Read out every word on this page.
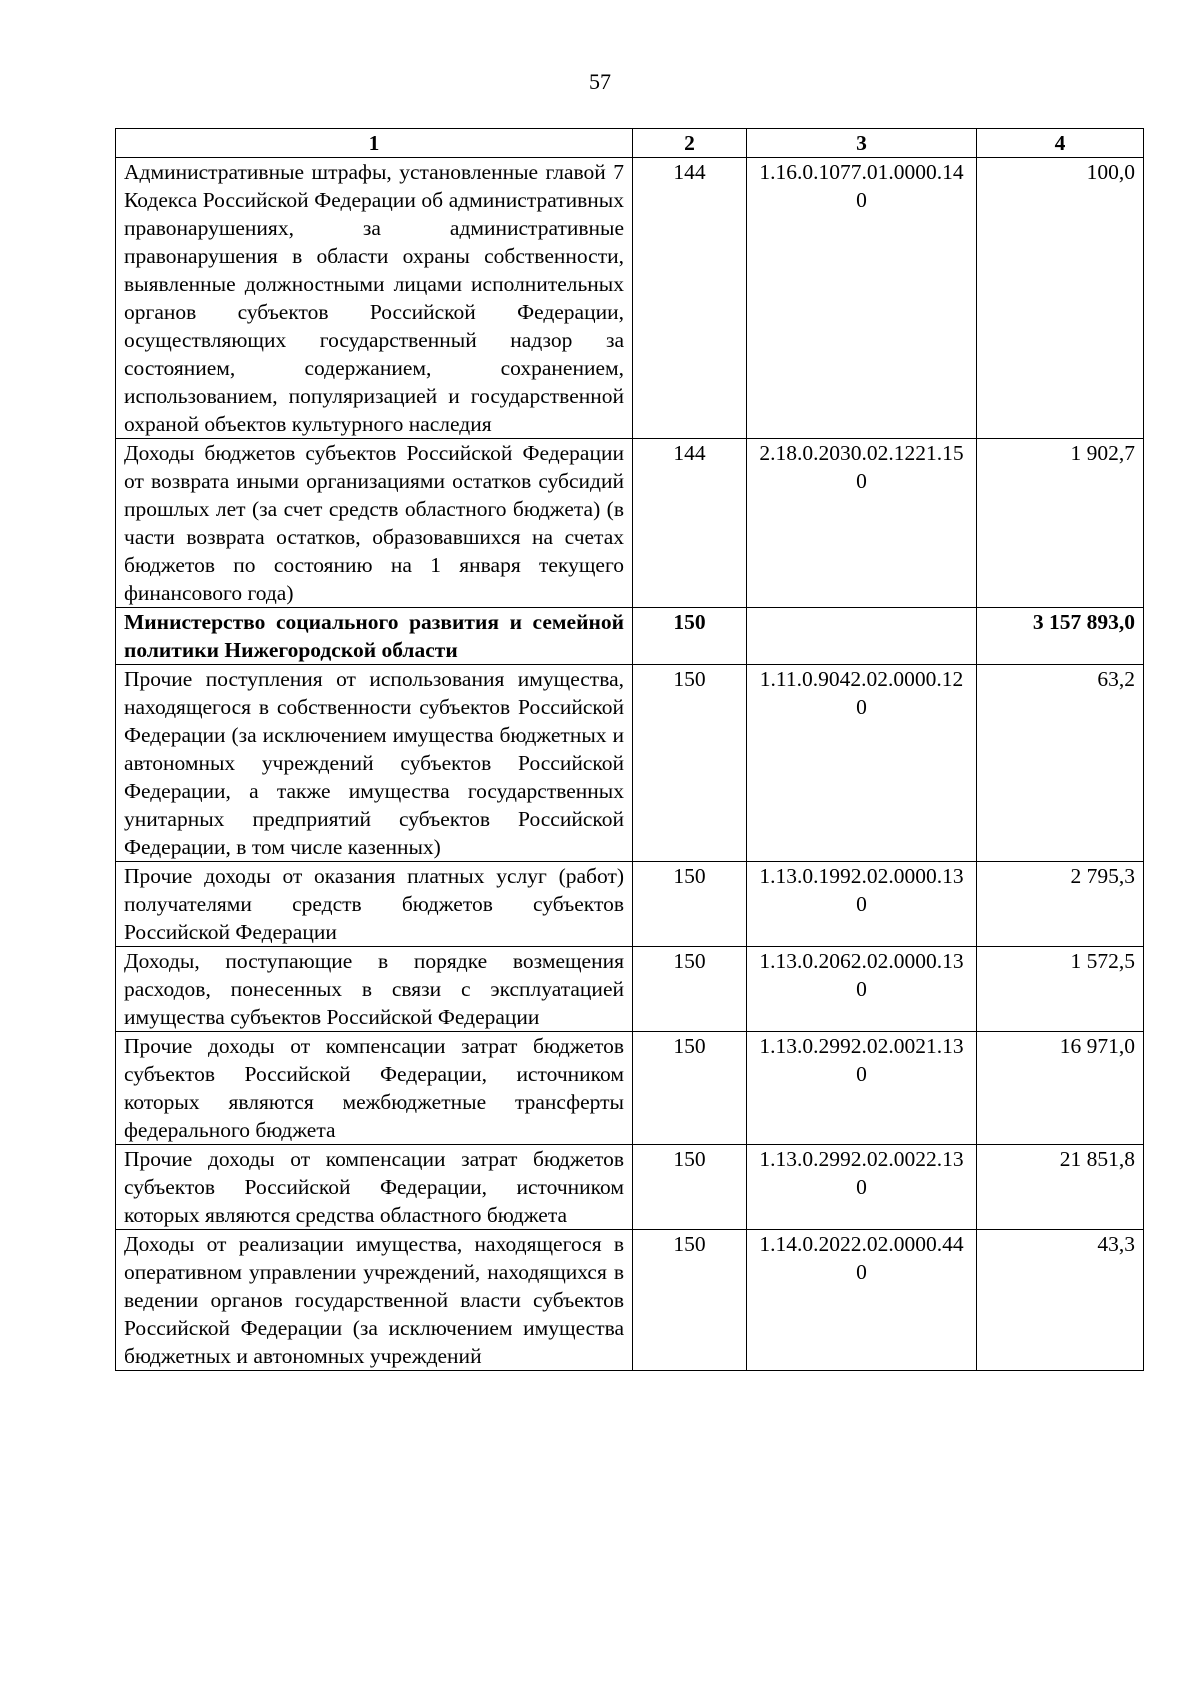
57
1	2	3	4
Административные штрафы, установленные главой 7 Кодекса Российской Федерации об административных правонарушениях, за административные правонарушения в области охраны собственности, выявленные должностными лицами исполнительных органов субъектов Российской Федерации, осуществляющих государственный надзор за состоянием, содержанием, сохранением, использованием, популяризацией и государственной охраной объектов культурного наследия	144	1.16.0.1077.01.0000.140	100,0
Доходы бюджетов субъектов Российской Федерации от возврата иными организациями остатков субсидий прошлых лет (за счет средств областного бюджета) (в части возврата остатков, образовавшихся на счетах бюджетов по состоянию на 1 января текущего финансового года)	144	2.18.0.2030.02.1221.150	1 902,7
Министерство социального развития и семейной политики Нижегородской области	150		3 157 893,0
Прочие поступления от использования имущества, находящегося в собственности субъектов Российской Федерации (за исключением имущества бюджетных и автономных учреждений субъектов Российской Федерации, а также имущества государственных унитарных предприятий субъектов Российской Федерации, в том числе казенных)	150	1.11.0.9042.02.0000.120	63,2
Прочие доходы от оказания платных услуг (работ) получателями средств бюджетов субъектов Российской Федерации	150	1.13.0.1992.02.0000.130	2 795,3
Доходы, поступающие в порядке возмещения расходов, понесенных в связи с эксплуатацией имущества субъектов Российской Федерации	150	1.13.0.2062.02.0000.130	1 572,5
Прочие доходы от компенсации затрат бюджетов субъектов Российской Федерации, источником которых являются межбюджетные трансферты федерального бюджета	150	1.13.0.2992.02.0021.130	16 971,0
Прочие доходы от компенсации затрат бюджетов субъектов Российской Федерации, источником которых являются средства областного бюджета	150	1.13.0.2992.02.0022.130	21 851,8
Доходы от реализации имущества, находящегося в оперативном управлении учреждений, находящихся в ведении органов государственной власти субъектов Российской Федерации (за исключением имущества бюджетных и автономных учреждений	150	1.14.0.2022.02.0000.440	43,3
